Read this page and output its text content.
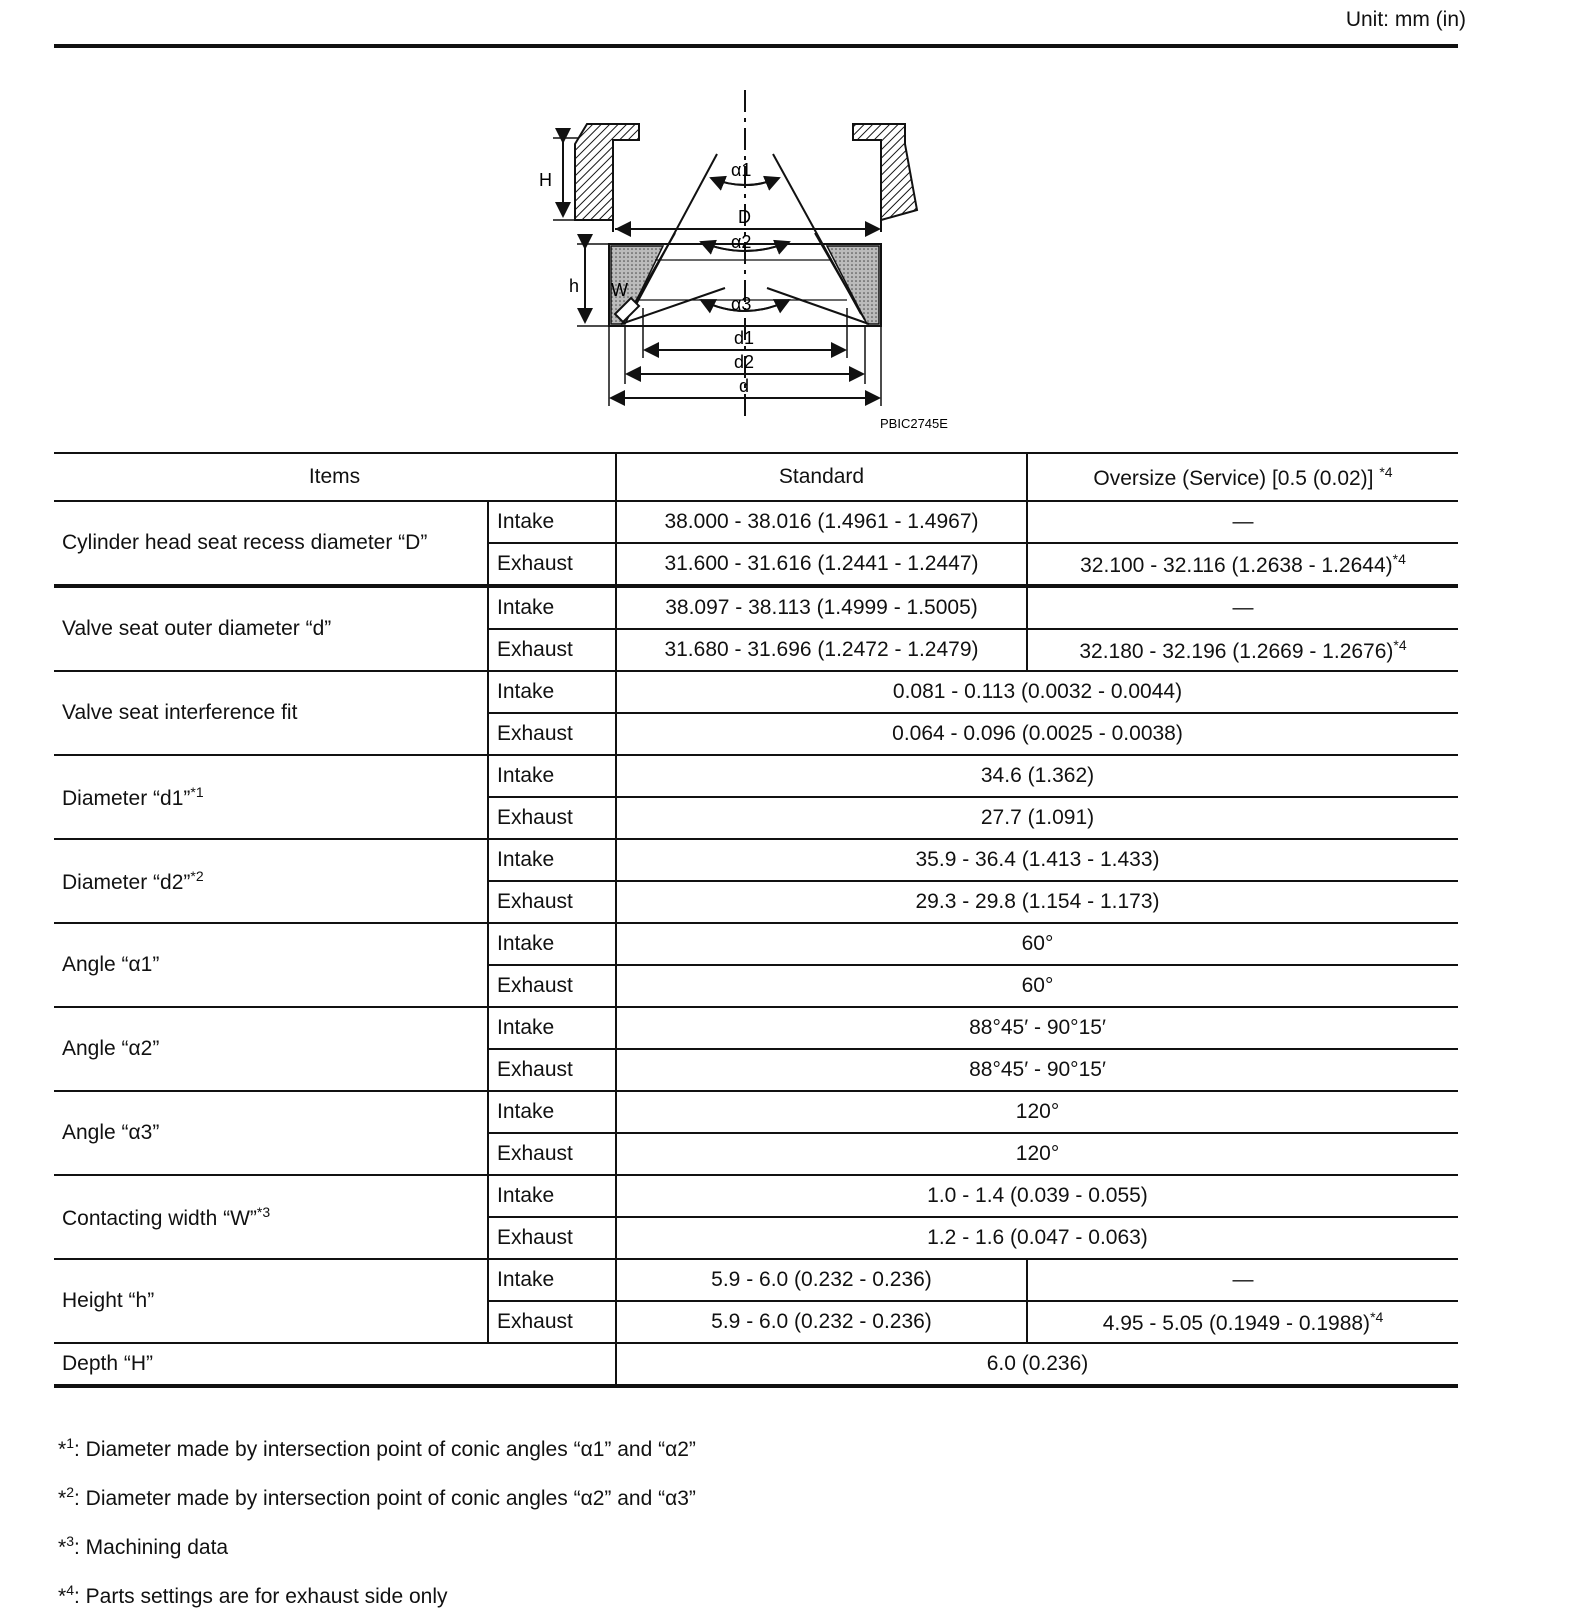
Unit: mm (in)
H
D
h
α1
α2
α3
W
d1
d2
d
PBIC2745E
Items		Standard	Oversize (Service) [0.5 (0.02)] $^{*4}$
Cylinder head seat recess diameter “D”	Intake	38.000 - 38.016 (1.4961 - 1.4967)	—
	Exhaust	31.600 - 31.616 (1.2441 - 1.2447)	32.100 - 32.116 (1.2638 - 1.2644)$^{*4}$
Valve seat outer diameter “d”	Intake	38.097 - 38.113 (1.4999 - 1.5005)	—
	Exhaust	31.680 - 31.696 (1.2472 - 1.2479)	32.180 - 32.196 (1.2669 - 1.2676)$^{*4}$
Valve seat interference fit	Intake	0.081 - 0.113 (0.0032 - 0.0044)	
	Exhaust	0.064 - 0.096 (0.0025 - 0.0038)	
Diameter “d1”$^{*1}$	Intake	34.6 (1.362)	
	Exhaust	27.7 (1.091)	
Diameter “d2”$^{*2}$	Intake	35.9 - 36.4 (1.413 - 1.433)	
	Exhaust	29.3 - 29.8 (1.154 - 1.173)	
Angle “α1”	Intake	60°	
	Exhaust	60°	
Angle “α2”	Intake	88°45′ - 90°15′	
	Exhaust	88°45′ - 90°15′	
Angle “α3”	Intake	120°	
	Exhaust	120°	
Contacting width “W”$^{*3}$	Intake	1.0 - 1.4 (0.039 - 0.055)	
	Exhaust	1.2 - 1.6 (0.047 - 0.063)	
Height “h”	Intake	5.9 - 6.0 (0.232 - 0.236)	—
	Exhaust	5.9 - 6.0 (0.232 - 0.236)	4.95 - 5.05 (0.1949 - 0.1988)$^{*4}$
Depth “H”		6.0 (0.236)	
*$^1$: Diameter made by intersection point of conic angles “α1” and “α2”
*$^2$: Diameter made by intersection point of conic angles “α2” and “α3”
*$^3$: Machining data
*$^4$: Parts settings are for exhaust side only
